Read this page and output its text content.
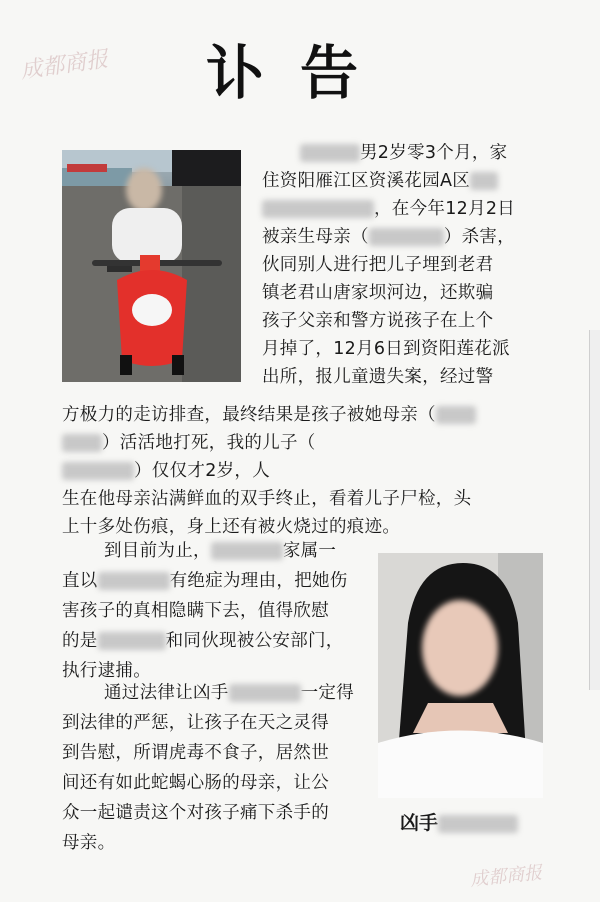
成都商报
成都商报
讣告
凶手
男2岁零3个月，家
住资阳雁江区资溪花园A区
，在今年12月2日
被亲生母亲（	）杀害，
伙同别人进行把儿子埋到老君
镇老君山唐家坝河边，还欺骗
孩子父亲和警方说孩子在上个
月掉了，12月6日到资阳莲花派
出所，报儿童遗失案，经过警
方极力的走访排查，最终结果是孩子被她母亲（
）活活地打死，我的儿子（
）仅仅才2岁，人
生在他母亲沾满鲜血的双手终止，看着儿子尸检，头
上十多处伤痕，身上还有被火烧过的痕迹。
到目前为止，	家属一
直以	有绝症为理由，把她伤
害孩子的真相隐瞒下去，值得欣慰
的是	和同伙现被公安部门，
执行逮捕。
通过法律让凶手	一定得
到法律的严惩，让孩子在天之灵得
到告慰，所谓虎毒不食子，居然世
间还有如此蛇蝎心肠的母亲，让公
众一起谴责这个对孩子痛下杀手的
母亲。
